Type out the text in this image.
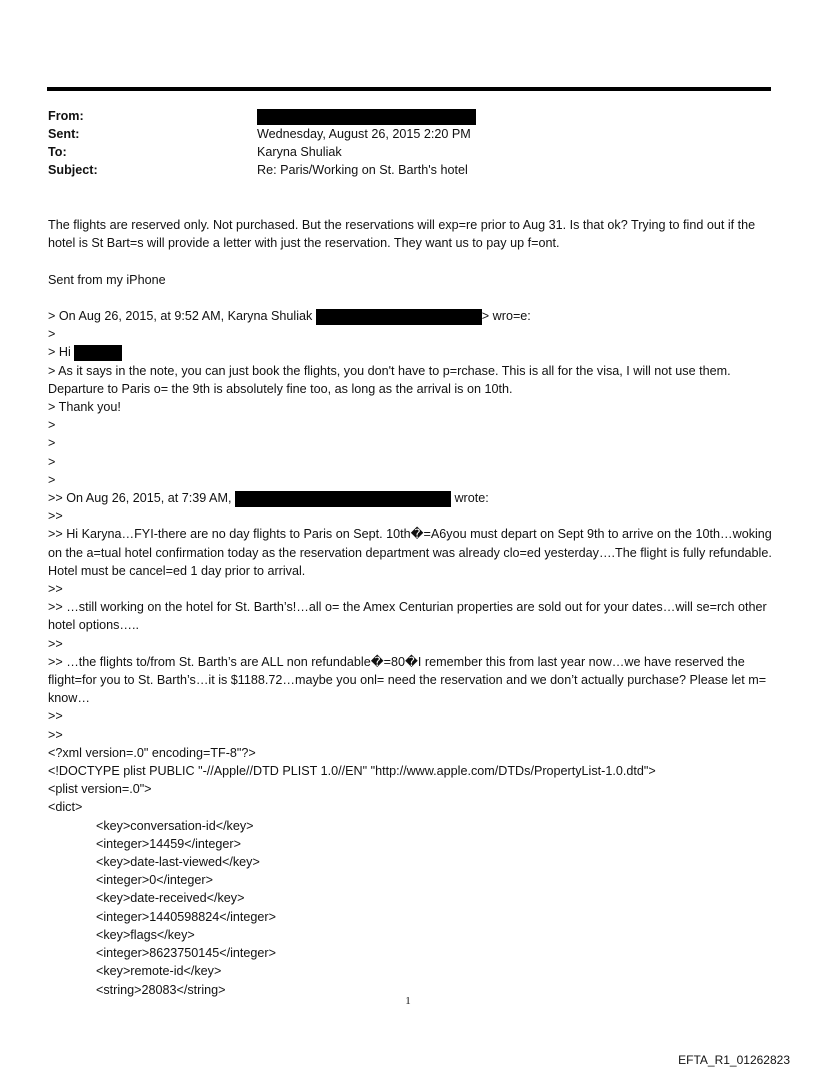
From:
Sent:	Wednesday, August 26, 2015 2:20 PM
To:	Karyna Shuliak
Subject:	Re: Paris/Working on St. Barth's hotel
The flights are reserved only. Not purchased. But the reservations will exp=re prior to Aug 31. Is that ok? Trying to find out if the hotel is St Bart=s will provide a letter with just the reservation. They want us to pay up f=ont.
Sent from my iPhone
> On Aug 26, 2015, at 9:52 AM, Karyna Shuliak	> wro=e:
>
> Hi
> As it says in the note, you can just book the flights, you don't have to p=rchase. This is all for the visa, I will not use them. Departure to Paris o= the 9th is absolutely fine too, as long as the arrival is on 10th.
> Thank you!
>
>
>
>
>> On Aug 26, 2015, at 7:39 AM,	wrote:
>>
>> Hi Karyna…FYI-there are no day flights to Paris on Sept. 10th�=A6you must depart on Sept 9th to arrive on the 10th…woking on the a=tual hotel confirmation today as the reservation department was already clo=ed yesterday….The flight is fully refundable. Hotel must be cancel=ed 1 day prior to arrival.
>>
>> …still working on the hotel for St. Barth’s!…all o= the Amex Centurian properties are sold out for your dates…will se=rch other hotel options…..
>>
>> …the flights to/from St. Barth’s are ALL non refundable�=80�I remember this from last year now…we have reserved the flight=for you to St. Barth’s…it is $1188.72…maybe you onl= need the reservation and we don’t actually purchase? Please let m= know…
>>
>>
<?xml version=.0" encoding=TF-8"?>
<!DOCTYPE plist PUBLIC "-//Apple//DTD PLIST 1.0//EN" "http://www.apple.com/DTDs/PropertyList-1.0.dtd">
<plist version=.0">
<dict>
<key>conversation-id</key>
<integer>14459</integer>
<key>date-last-viewed</key>
<integer>0</integer>
<key>date-received</key>
<integer>1440598824</integer>
<key>flags</key>
<integer>8623750145</integer>
<key>remote-id</key>
<string>28083</string>
1
EFTA_R1_01262823
